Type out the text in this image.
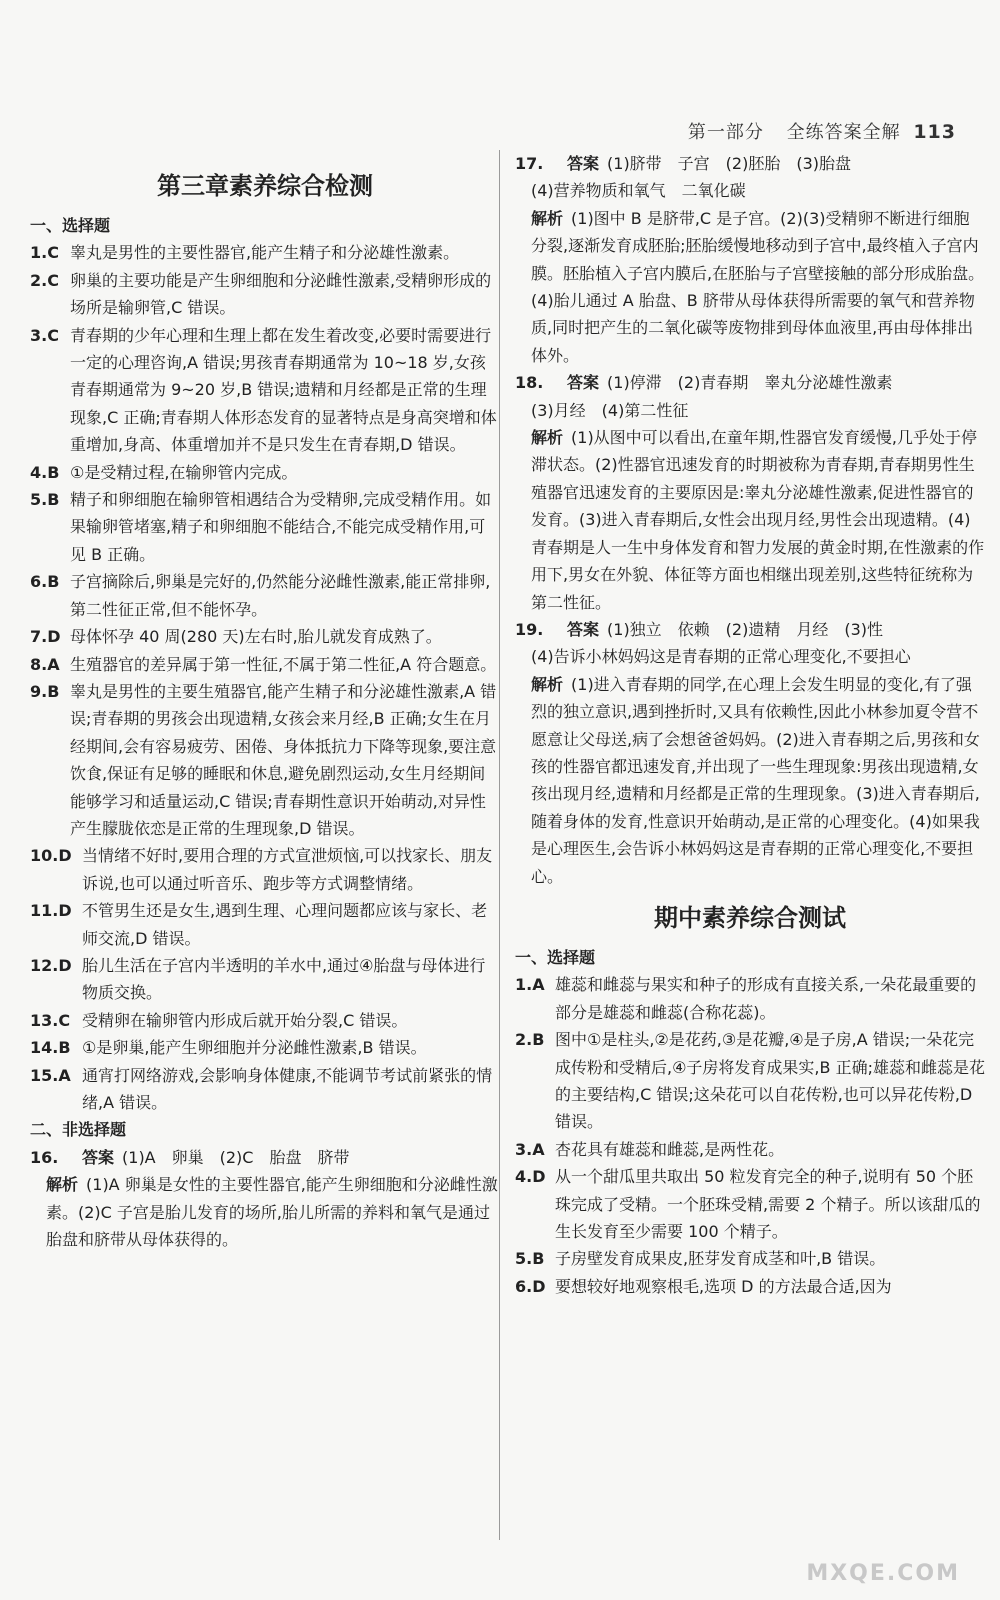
第一部分 全练答案全解 113
第三章素养综合检测
一、选择题
1.C 睾丸是男性的主要性器官,能产生精子和分泌雄性激素。
2.C 卵巢的主要功能是产生卵细胞和分泌雌性激素,受精卵形成的场所是输卵管,C 错误。
3.C 青春期的少年心理和生理上都在发生着改变,必要时需要进行一定的心理咨询,A 错误;男孩青春期通常为 10~18 岁,女孩青春期通常为 9~20 岁,B 错误;遗精和月经都是正常的生理现象,C 正确;青春期人体形态发育的显著特点是身高突增和体重增加,身高、体重增加并不是只发生在青春期,D 错误。
4.B ①是受精过程,在输卵管内完成。
5.B 精子和卵细胞在输卵管相遇结合为受精卵,完成受精作用。如果输卵管堵塞,精子和卵细胞不能结合,不能完成受精作用,可见 B 正确。
6.B 子宫摘除后,卵巢是完好的,仍然能分泌雌性激素,能正常排卵,第二性征正常,但不能怀孕。
7.D 母体怀孕 40 周(280 天)左右时,胎儿就发育成熟了。
8.A 生殖器官的差异属于第一性征,不属于第二性征,A 符合题意。
9.B 睾丸是男性的主要生殖器官,能产生精子和分泌雄性激素,A 错误;青春期的男孩会出现遗精,女孩会来月经,B 正确;女生在月经期间,会有容易疲劳、困倦、身体抵抗力下降等现象,要注意饮食,保证有足够的睡眠和休息,避免剧烈运动,女生月经期间能够学习和适量运动,C 错误;青春期性意识开始萌动,对异性产生朦胧依恋是正常的生理现象,D 错误。
10.D 当情绪不好时,要用合理的方式宣泄烦恼,可以找家长、朋友诉说,也可以通过听音乐、跑步等方式调整情绪。
11.D 不管男生还是女生,遇到生理、心理问题都应该与家长、老师交流,D 错误。
12.D 胎儿生活在子宫内半透明的羊水中,通过④胎盘与母体进行物质交换。
13.C 受精卵在输卵管内形成后就开始分裂,C 错误。
14.B ①是卵巢,能产生卵细胞并分泌雌性激素,B 错误。
15.A 通宵打网络游戏,会影响身体健康,不能调节考试前紧张的情绪,A 错误。
二、非选择题
16. 答案 (1)A　卵巢　(2)C　胎盘　脐带
解析 (1)A 卵巢是女性的主要性器官,能产生卵细胞和分泌雌性激素。(2)C 子宫是胎儿发育的场所,胎儿所需的养料和氧气是通过胎盘和脐带从母体获得的。
17. 答案 (1)脐带　子宫　(2)胚胎　(3)胎盘
(4)营养物质和氧气　二氧化碳
解析 (1)图中 B 是脐带,C 是子宫。(2)(3)受精卵不断进行细胞分裂,逐渐发育成胚胎;胚胎缓慢地移动到子宫中,最终植入子宫内膜。胚胎植入子宫内膜后,在胚胎与子宫壁接触的部分形成胎盘。(4)胎儿通过 A 胎盘、B 脐带从母体获得所需要的氧气和营养物质,同时把产生的二氧化碳等废物排到母体血液里,再由母体排出体外。
18. 答案 (1)停滞　(2)青春期　睾丸分泌雄性激素
(3)月经　(4)第二性征
解析 (1)从图中可以看出,在童年期,性器官发育缓慢,几乎处于停滞状态。(2)性器官迅速发育的时期被称为青春期,青春期男性生殖器官迅速发育的主要原因是:睾丸分泌雄性激素,促进性器官的发育。(3)进入青春期后,女性会出现月经,男性会出现遗精。(4)青春期是人一生中身体发育和智力发展的黄金时期,在性激素的作用下,男女在外貌、体征等方面也相继出现差别,这些特征统称为第二性征。
19. 答案 (1)独立　依赖　(2)遗精　月经　(3)性
(4)告诉小林妈妈这是青春期的正常心理变化,不要担心
解析 (1)进入青春期的同学,在心理上会发生明显的变化,有了强烈的独立意识,遇到挫折时,又具有依赖性,因此小林参加夏令营不愿意让父母送,病了会想爸爸妈妈。(2)进入青春期之后,男孩和女孩的性器官都迅速发育,并出现了一些生理现象:男孩出现遗精,女孩出现月经,遗精和月经都是正常的生理现象。(3)进入青春期后,随着身体的发育,性意识开始萌动,是正常的心理变化。(4)如果我是心理医生,会告诉小林妈妈这是青春期的正常心理变化,不要担心。
期中素养综合测试
一、选择题
1.A 雄蕊和雌蕊与果实和种子的形成有直接关系,一朵花最重要的部分是雄蕊和雌蕊(合称花蕊)。
2.B 图中①是柱头,②是花药,③是花瓣,④是子房,A 错误;一朵花完成传粉和受精后,④子房将发育成果实,B 正确;雄蕊和雌蕊是花的主要结构,C 错误;这朵花可以自花传粉,也可以异花传粉,D 错误。
3.A 杏花具有雄蕊和雌蕊,是两性花。
4.D 从一个甜瓜里共取出 50 粒发育完全的种子,说明有 50 个胚珠完成了受精。一个胚珠受精,需要 2 个精子。所以该甜瓜的生长发育至少需要 100 个精子。
5.B 子房壁发育成果皮,胚芽发育成茎和叶,B 错误。
6.D 要想较好地观察根毛,选项 D 的方法最合适,因为
MXQE.COM
